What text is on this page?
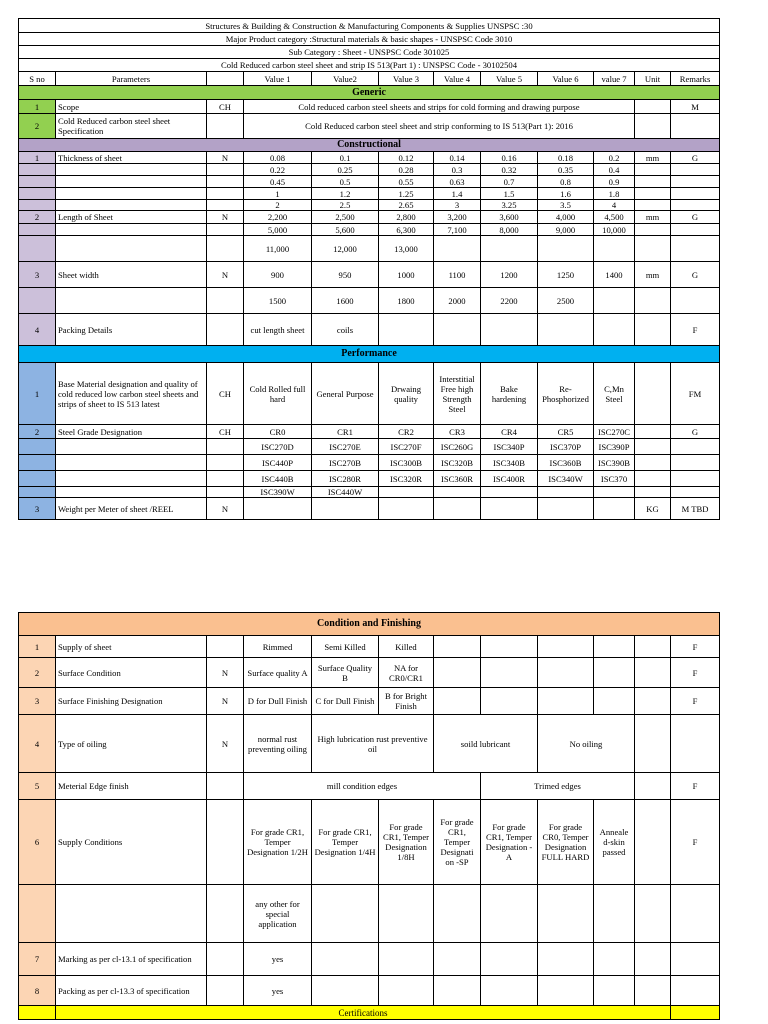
Structures & Building & Construction & Manufacturing Components & Supplies UNSPSC :30											
Major Product category :Structural materials & basic shapes - UNSPSC Code 3010											
Sub Category : Sheet - UNSPSC Code 301025											
Cold Reduced carbon steel sheet and strip IS 513(Part 1) : UNSPSC Code - 30102504											
S no	Parameters		Value 1	Value2	Value 3	Value 4	Value 5	Value 6	value 7	Unit	Remarks
Generic											
1	Scope	CH	Cold reduced carbon steel sheets and strips for cold forming and drawing purpose								M
2	Cold Reduced carbon steel sheet Specification		Cold Reduced carbon steel sheet and strip conforming to IS 513(Part 1): 2016								
Constructional											
1	Thickness of sheet	N	0.08	0.1	0.12	0.14	0.16	0.18	0.2	mm	G
			0.22	0.25	0.28	0.3	0.32	0.35	0.4		
			0.45	0.5	0.55	0.63	0.7	0.8	0.9		
			1	1.2	1.25	1.4	1.5	1.6	1.8		
			2	2.5	2.65	3	3.25	3.5	4		
2	Length of Sheet	N	2,200	2,500	2,800	3,200	3,600	4,000	4,500	mm	G
			5,000	5,600	6,300	7,100	8,000	9,000	10,000		
			11,000	12,000	13,000						
3	Sheet width	N	900	950	1000	1100	1200	1250	1400	mm	G
			1500	1600	1800	2000	2200	2500			
4	Packing Details		cut length sheet	coils							F
Performance											
1	Base Material designation and quality of cold reduced low carbon steel sheets and strips of sheet to IS 513 latest	CH	Cold Rolled full hard	General Purpose	Drwaing quality	Interstitial Free high Strength Steel	Bake hardening	Re-Phosphorized	C,Mn Steel		FM
2	Steel Grade Designation	CH	CR0	CR1	CR2	CR3	CR4	CR5	ISC270C		G
			ISC270D	ISC270E	ISC270F	ISC260G	ISC340P	ISC370P	ISC390P		
			ISC440P	ISC270B	ISC300B	ISC320B	ISC340B	ISC360B	ISC390B		
			ISC440B	ISC280R	ISC320R	ISC360R	ISC400R	ISC340W	ISC370		
			ISC390W	ISC440W							
3	Weight per Meter of sheet /REEL	N								KG	M TBD
Condition and Finishing												
1	Supply of sheet		Rimmed	Semi Killed	Killed						F	
2	Surface Condition	N	Surface quality A	Surface Quality B	NA for CR0/CR1						F	
3	Surface Finishing Designation	N	D for Dull Finish	C for Dull Finish	B for Bright Finish						F	
4	Type of oiling	N	normal rust preventing oiling	High lubrication rust preventive oil		soild lubricant		No oiling				
5	Meterial Edge finish		mill condition edges				Trimed edges				F	
6	Supply Conditions		For grade CR1, Temper Designation 1/2H	For grade CR1, Temper Designation 1/4H	For grade CR1, Temper Designation 1/8H	For grade CR1, Temper Designati on -SP	For grade CR1, Temper Designation - A	For grade CR0, Temper Designation FULL HARD	Anneale d-skin passed		F	
			any other for special application									
7	Marking as per cl-13.1 of specification		yes									
8	Packing as per cl-13.3 of specification		yes									
	Certifications											
